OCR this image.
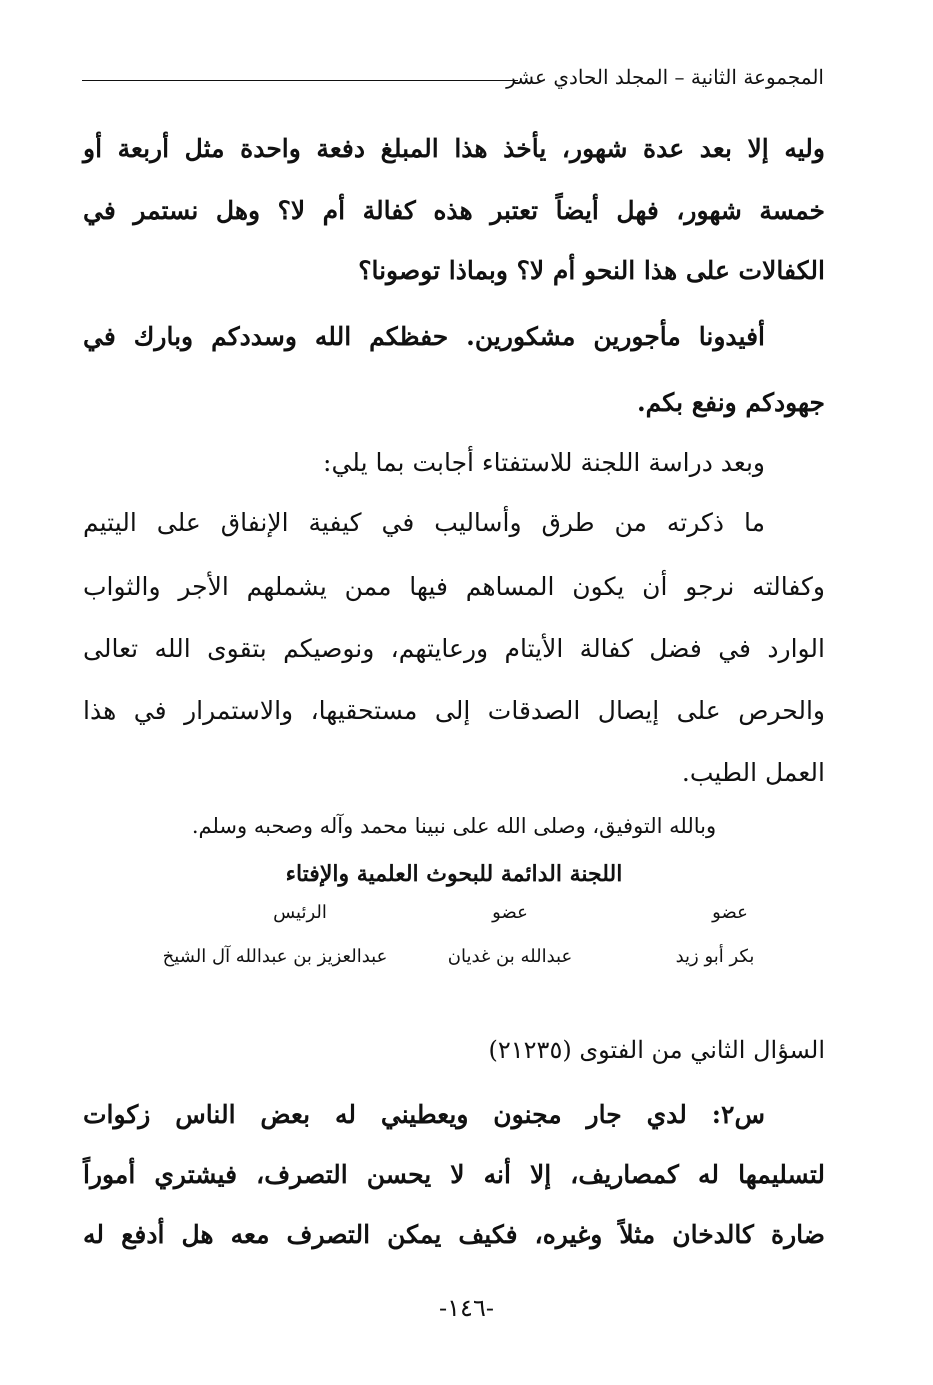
المجموعة الثانية – المجلد الحادي عشر

وليه إلا بعد عدة شهور، يأخذ هذا المبلغ دفعة واحدة مثل أربعة أو

خمسة شهور، فهل أيضاً تعتبر هذه كفالة أم لا؟ وهل نستمر في

الكفالات على هذا النحو أم لا؟ وبماذا توصونا؟

أفيدونا مأجورين مشكورين. حفظكم الله وسددكم وبارك في

جهودكم ونفع بكم.

وبعد دراسة اللجنة للاستفتاء أجابت بما يلي:

ما ذكرته من طرق وأساليب في كيفية الإنفاق على اليتيم

وكفالته نرجو أن يكون المساهم فيها ممن يشملهم الأجر والثواب

الوارد في فضل كفالة الأيتام ورعايتهم، ونوصيكم بتقوى الله تعالى

والحرص على إيصال الصدقات إلى مستحقيها، والاستمرار في هذا

العمل الطيب.

وبالله التوفيق، وصلى الله على نبينا محمد وآله وصحبه وسلم.
اللجنة الدائمة للبحوث العلمية والإفتاء
عضو
عضو
الرئيس
بكر أبو زيد
عبدالله بن غديان
عبدالعزيز بن عبدالله آل الشيخ
السؤال الثاني من الفتوى (٢١٢٣٥)

س٢: لدي جار مجنون ويعطيني له بعض الناس زكوات

لتسليمها له كمصاريف، إلا أنه لا يحسن التصرف، فيشتري أموراً

ضارة كالدخان مثلاً وغيره، فكيف يمكن التصرف معه هل أدفع له

-١٤٦-
